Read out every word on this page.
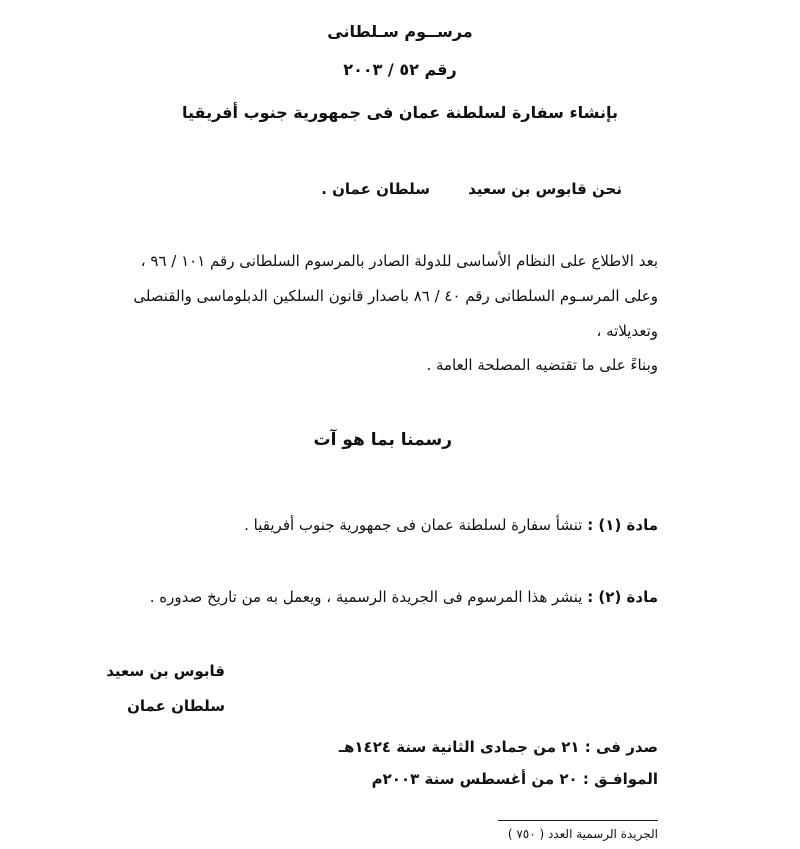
مرســوم سـلطانى
رقم ٥٢ / ٢٠٠٣
بإنشاء سفارة لسلطنة عمان فى جمهورية جنوب أفريقيا
نحن قابوس بن سعيد
سلطان عمان .
بعد الاطلاع على النظام الأساسى للدولة الصادر بالمرسوم السلطانى رقم ١٠١ / ٩٦ ،
وعلى المرسـوم السلطانى رقم ٤٠ / ٨٦ باصدار قانون السلكين الدبلوماسى والقنصلى
وتعديلاته ،
وبناءً على ما تقتضيه المصلحة العامة .
رسمنا بما هو آت
مادة (١) : تنشأ سفارة لسلطنة عمان فى جمهورية جنوب أفريقيا .
مادة (٢) : ينشر هذا المرسوم فى الجريدة الرسمية ، ويعمل به من تاريخ صدوره .
قابوس بن سعيد
سلطان عمان
صدر فى : ٢١ من جمادى الثانية سنة ١٤٢٤هـ
الموافـق : ٢٠ من أغسطس سنة ٢٠٠٣م
الجريدة الرسمية العدد ( ٧٥٠ )
